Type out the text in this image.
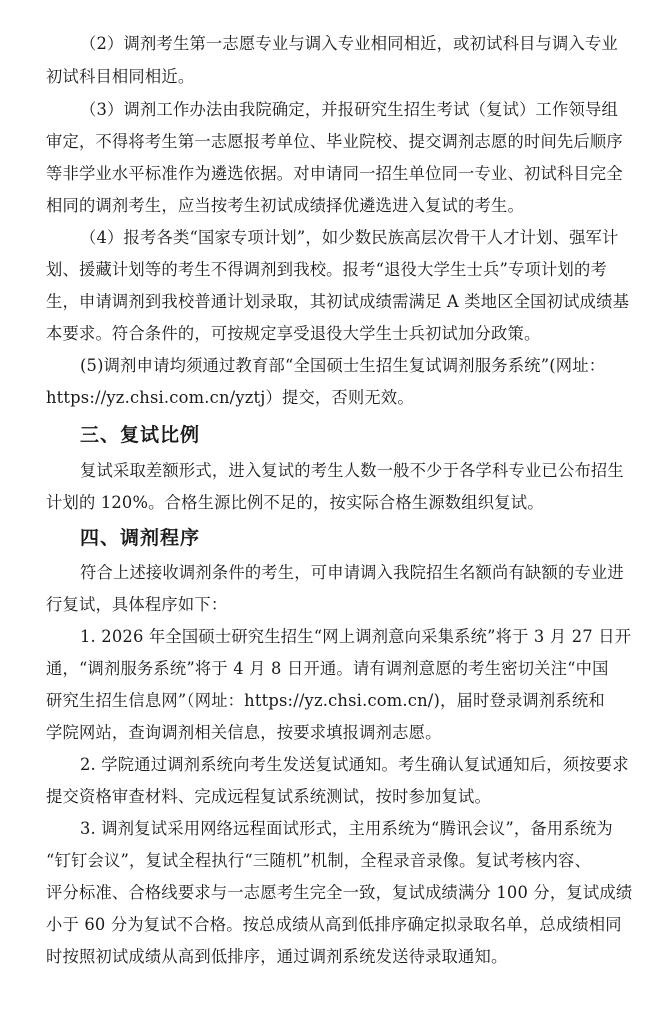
（2）调剂考生第一志愿专业与调入专业相同相近，或初试科目与调入专业
初试科目相同相近。
（3）调剂工作办法由我院确定，并报研究生招生考试（复试）工作领导组
审定，不得将考生第一志愿报考单位、毕业院校、提交调剂志愿的时间先后顺序
等非学业水平标准作为遴选依据。对申请同一招生单位同一专业、初试科目完全
相同的调剂考生，应当按考生初试成绩择优遴选进入复试的考生。
（4）报考各类“国家专项计划”，如少数民族高层次骨干人才计划、强军计
划、援藏计划等的考生不得调剂到我校。报考“退役大学生士兵”专项计划的考
生，申请调剂到我校普通计划录取，其初试成绩需满足 A 类地区全国初试成绩基
本要求。符合条件的，可按规定享受退役大学生士兵初试加分政策。
(5)调剂申请均须通过教育部“全国硕士生招生复试调剂服务系统”(网址：
https://yz.chsi.com.cn/yztj）提交，否则无效。
三、复试比例
复试采取差额形式，进入复试的考生人数一般不少于各学科专业已公布招生
计划的 120%。合格生源比例不足的，按实际合格生源数组织复试。
四、调剂程序
符合上述接收调剂条件的考生，可申请调入我院招生名额尚有缺额的专业进
行复试，具体程序如下：
1. 2026 年全国硕士研究生招生“网上调剂意向采集系统”将于 3 月 27 日开
通，“调剂服务系统”将于 4 月 8 日开通。请有调剂意愿的考生密切关注“中国
研究生招生信息网”（网址：https://yz.chsi.com.cn/)，届时登录调剂系统和
学院网站，查询调剂相关信息，按要求填报调剂志愿。
2. 学院通过调剂系统向考生发送复试通知。考生确认复试通知后，须按要求
提交资格审查材料、完成远程复试系统测试，按时参加复试。
3. 调剂复试采用网络远程面试形式，主用系统为“腾讯会议”，备用系统为
“钉钉会议”，复试全程执行“三随机”机制，全程录音录像。复试考核内容、
评分标准、合格线要求与一志愿考生完全一致，复试成绩满分 100 分，复试成绩
小于 60 分为复试不合格。按总成绩从高到低排序确定拟录取名单，总成绩相同
时按照初试成绩从高到低排序，通过调剂系统发送待录取通知。
